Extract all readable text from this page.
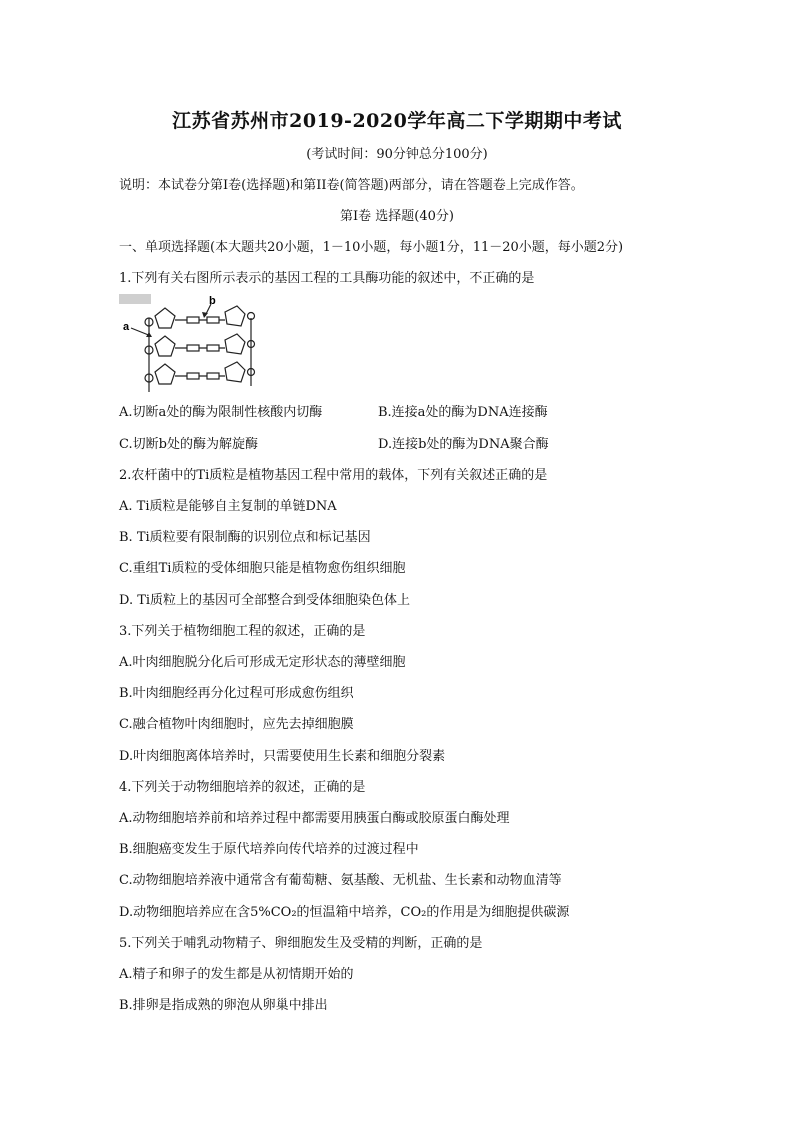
江苏省苏州市2019-2020学年高二下学期期中考试
(考试时间：90分钟总分100分)
说明：本试卷分第I卷(选择题)和第II卷(简答题)两部分，请在答题卷上完成作答。
第I卷 选择题(40分)
一、单项选择题(本大题共20小题，1－10小题，每小题1分，11－20小题，每小题2分)
1.下列有关右图所示表示的基因工程的工具酶功能的叙述中，不正确的是
a
b
A.切断a处的酶为限制性核酸内切酶	B.连接a处的酶为DNA连接酶
C.切断b处的酶为解旋酶	D.连接b处的酶为DNA聚合酶
2.农杆菌中的Ti质粒是植物基因工程中常用的载体，下列有关叙述正确的是
A. Ti质粒是能够自主复制的单链DNA
B. Ti质粒要有限制酶的识别位点和标记基因
C.重组Ti质粒的受体细胞只能是植物愈伤组织细胞
D. Ti质粒上的基因可全部整合到受体细胞染色体上
3.下列关于植物细胞工程的叙述，正确的是
A.叶肉细胞脱分化后可形成无定形状态的薄壁细胞
B.叶肉细胞经再分化过程可形成愈伤组织
C.融合植物叶肉细胞时，应先去掉细胞膜
D.叶肉细胞离体培养时，只需要使用生长素和细胞分裂素
4.下列关于动物细胞培养的叙述，正确的是
A.动物细胞培养前和培养过程中都需要用胰蛋白酶或胶原蛋白酶处理
B.细胞癌变发生于原代培养向传代培养的过渡过程中
C.动物细胞培养液中通常含有葡萄糖、氨基酸、无机盐、生长素和动物血清等
D.动物细胞培养应在含5%CO₂的恒温箱中培养，CO₂的作用是为细胞提供碳源
5.下列关于哺乳动物精子、卵细胞发生及受精的判断，正确的是
A.精子和卵子的发生都是从初情期开始的
B.排卵是指成熟的卵泡从卵巢中排出
